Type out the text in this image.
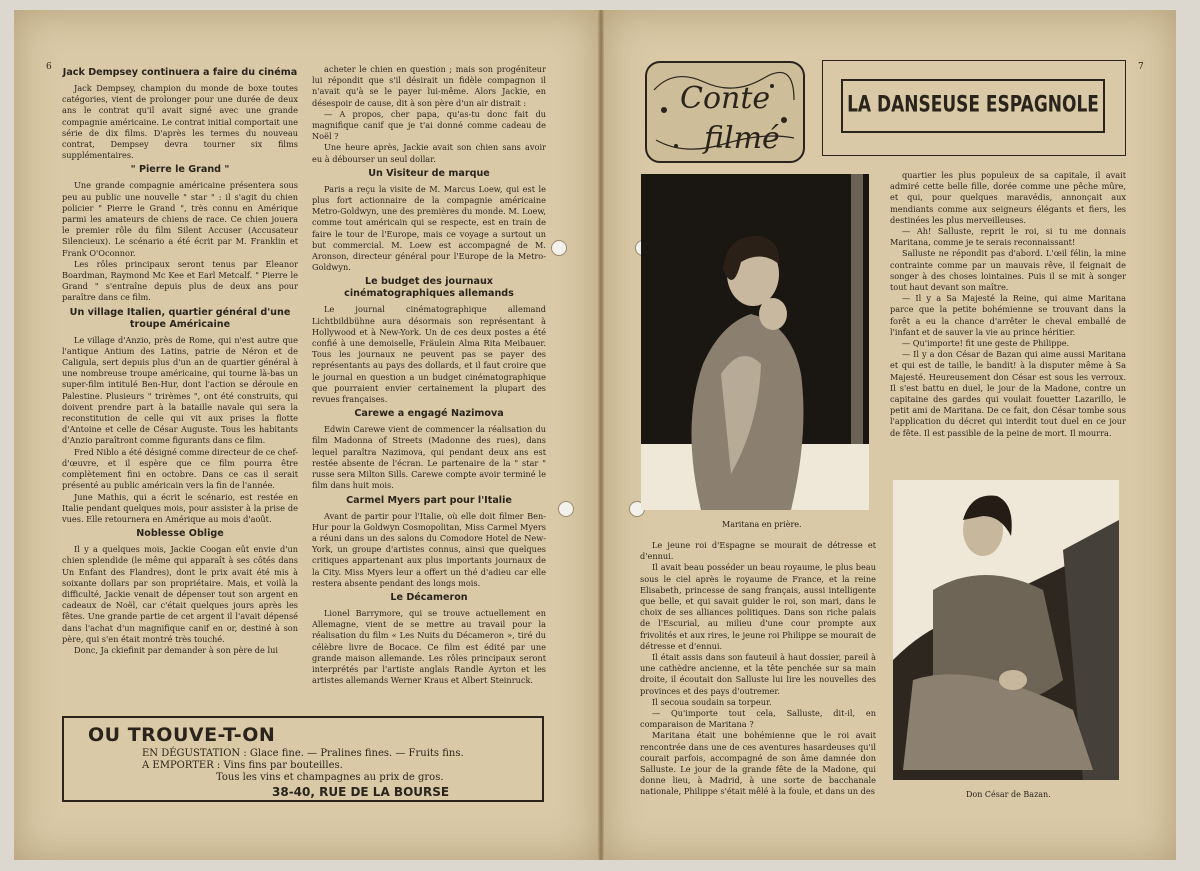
6	7
Jack Dempsey continuera a faire du cinéma

Jack Dempsey, champion du monde de boxe toutes catégories, vient de prolonger pour une durée de deux ans le contrat qu'il avait signé avec une grande compagnie américaine. Le contrat initial comportait une série de dix films. D'après les termes du nouveau contrat, Dempsey devra tourner six films supplémentaires.

" Pierre le Grand "

Une grande compagnie américaine présentera sous peu au public une nouvelle " star " : il s'agit du chien policier " Pierre le Grand ", très connu en Amérique parmi les amateurs de chiens de race. Ce chien jouera le premier rôle du film Silent Accuser (Accusateur Silencieux). Le scénario a été écrit par M. Franklin et Frank O'Oconnor.

Les rôles principaux seront tenus par Eleanor Boardman, Raymond Mc Kee et Earl Metcalf. " Pierre le Grand " s'entraîne depuis plus de deux ans pour paraître dans ce film.

Un village Italien, quartier général d'une troupe Américaine

Le village d'Anzio, près de Rome, qui n'est autre que l'antique Antium des Latins, patrie de Néron et de Caligula, sert depuis plus d'un an de quartier général à une nombreuse troupe américaine, qui tourne là-bas un super-film intitulé Ben-Hur, dont l'action se déroule en Palestine. Plusieurs " trirèmes ", ont été construits, qui doivent prendre part à la bataille navale qui sera la reconstitution de celle qui vit aux prises la flotte d'Antoine et celle de César Auguste. Tous les habitants d'Anzio paraîtront comme figurants dans ce film.

Fred Niblo a été désigné comme directeur de ce chef-d'œuvre, et il espère que ce film pourra être complètement fini en octobre. Dans ce cas il serait présenté au public américain vers la fin de l'année.

June Mathis, qui a écrit le scénario, est restée en Italie pendant quelques mois, pour assister à la prise de vues. Elle retournera en Amérique au mois d'août.

Noblesse Oblige

Il y a quelques mois, Jackie Coogan eût envie d'un chien splendide (le même qui apparaît à ses côtés dans Un Enfant des Flandres), dont le prix avait été mis à soixante dollars par son propriétaire. Mais, et voilà la difficulté, Jackie venait de dépenser tout son argent en cadeaux de Noël, car c'était quelques jours après les fêtes. Une grande partie de cet argent il l'avait dépensé dans l'achat d'un magnifique canif en or, destiné à son père, qui s'en était montré très touché.

Donc, Ja ckiefinit par demander à son père de lui

acheter le chien en question ; mais son progéniteur lui répondit que s'il désirait un fidèle compagnon il n'avait qu'à se le payer lui-même. Alors Jackie, en désespoir de cause, dit à son père d'un air distrait :

— A propos, cher papa, qu'as-tu donc fait du magnifique canif que je t'ai donné comme cadeau de Noël ?

Une heure après, Jackie avait son chien sans avoir eu à débourser un seul dollar.

Un Visiteur de marque

Paris a reçu la visite de M. Marcus Loew, qui est le plus fort actionnaire de la compagnie américaine Metro-Goldwyn, une des premières du monde. M. Loew, comme tout américain qui se respecte, est en train de faire le tour de l'Europe, mais ce voyage a surtout un but commercial. M. Loew est accompagné de M. Aronson, directeur général pour l'Europe de la Metro-Goldwyn.

Le budget des journaux cinématographiques allemands

Le journal cinématographique allemand Lichtbildbühne aura désormais son représentant à Hollywood et à New-York. Un de ces deux postes a été confié à une demoiselle, Fräulein Alma Rita Meibauer. Tous les journaux ne peuvent pas se payer des représentants au pays des dollards, et il faut croire que le journal en question a un budget cinématographique que pourraient envier certainement la plupart des revues françaises.

Carewe a engagé Nazimova

Edwin Carewe vient de commencer la réalisation du film Madonna of Streets (Madonne des rues), dans lequel paraîtra Nazimova, qui pendant deux ans est restée absente de l'écran. Le partenaire de la " star " russe sera Milton Sills. Carewe compte avoir terminé le film dans huit mois.

Carmel Myers part pour l'Italie

Avant de partir pour l'Italie, où elle doit filmer Ben-Hur pour la Goldwyn Cosmopolitan, Miss Carmel Myers a réuni dans un des salons du Comodore Hotel de New-York, un groupe d'artistes connus, ainsi que quelques critiques appartenant aux plus importants journaux de la City. Miss Myers leur a offert un thé d'adieu car elle restera absente pendant des longs mois.

Le Décameron

Lionel Barrymore, qui se trouve actuellement en Allemagne, vient de se mettre au travail pour la réalisation du film « Les Nuits du Décameron », tiré du célèbre livre de Bocace. Ce film est édité par une grande maison allemande. Les rôles principaux seront interprétés par l'artiste anglais Randle Ayrton et les artistes allemands Werner Kraus et Albert Steinruck.

OU TROUVE-T-ON
EN DÉGUSTATION : Glace fine. — Pralines fines. — Fruits fins.
A EMPORTER : Vins fins par bouteilles.
Tous les vins et champagnes au prix de gros.
38-40, RUE DE LA BOURSE
Conte
filmé
LA DANSEUSE ESPAGNOLE
Maritana en prière.
Don César de Bazan.

Le jeune roi d'Espagne se mourait de détresse et d'ennui.

Il avait beau posséder un beau royaume, le plus beau sous le ciel après le royaume de France, et la reine Elisabeth, princesse de sang français, aussi intelligente que belle, et qui savait guider le roi, son mari, dans le choix de ses alliances politiques. Dans son riche palais de l'Escurial, au milieu d'une cour prompte aux frivolités et aux rires, le jeune roi Philippe se mourait de détresse et d'ennui.

Il était assis dans son fauteuil à haut dossier, pareil à une cathèdre ancienne, et la tête penchée sur sa main droite, il écoutait don Salluste lui lire les nouvelles des provinces et des pays d'outremer.

Il secoua soudain sa torpeur.

— Qu'importe tout cela, Salluste, dit-il, en comparaison de Maritana ?

Maritana était une bohémienne que le roi avait rencontrée dans une de ces aventures hasardeuses qu'il courait parfois, accompagné de son âme damnée don Salluste. Le jour de la grande fête de la Madone, qui donne lieu, à Madrid, à une sorte de bacchanale nationale, Philippe s'était mêlé à la foule, et dans un des

quartier les plus populeux de sa capitale, il avait admiré cette belle fille, dorée comme une pêche mûre, et qui, pour quelques maravédis, annonçait aux mendiants comme aux seigneurs élégants et fiers, les destinées les plus merveilleuses.

— Ah! Salluste, reprit le roi, si tu me donnais Maritana, comme je te serais reconnaissant!

Salluste ne répondit pas d'abord. L'œil félin, la mine contrainte comme par un mauvais rêve, il feignait de songer à des choses lointaines. Puis il se mit à songer tout haut devant son maître.

— Il y a Sa Majesté la Reine, qui aime Maritana parce que la petite bohémienne se trouvant dans la forêt a eu la chance d'arrêter le cheval emballé de l'infant et de sauver la vie au prince héritier.

— Qu'importe! fit une geste de Philippe.

— Il y a don César de Bazan qui aime aussi Maritana et qui est de taille, le bandit! à la disputer même à Sa Majesté. Heureusement don César est sous les verroux. Il s'est battu en duel, le jour de la Madone, contre un capitaine des gardes qui voulait fouetter Lazarillo, le petit ami de Maritana. De ce fait, don César tombe sous l'application du décret qui interdit tout duel en ce jour de fête. Il est passible de la peine de mort. Il mourra.
